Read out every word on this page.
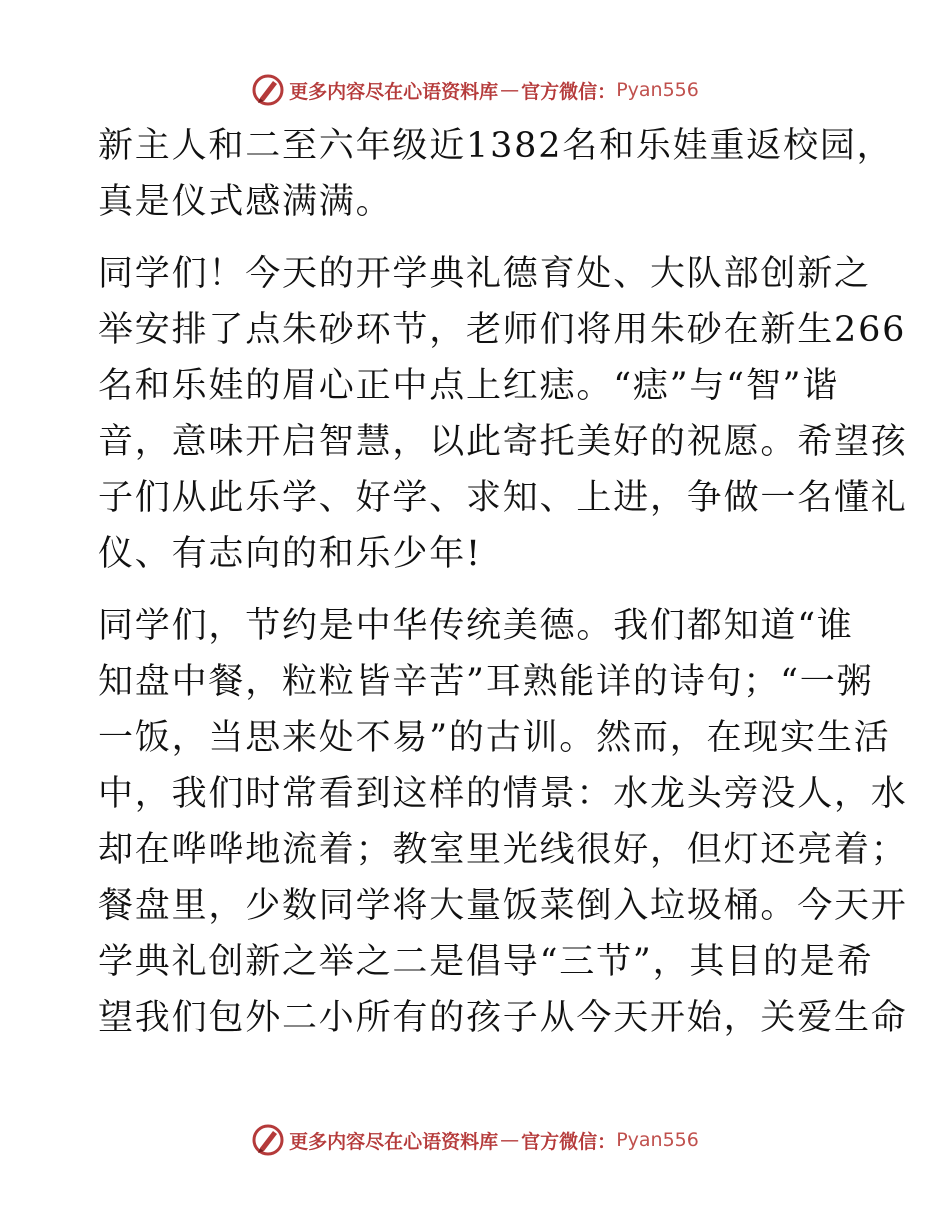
更多内容尽在心语资料库 — 官方微信： Pyan556
新主人和二至六年级近1382名和乐娃重返校园，
真是仪式感满满。
同学们！今天的开学典礼德育处、大队部创新之
举安排了点朱砂环节，老师们将用朱砂在新生266
名和乐娃的眉心正中点上红痣。“痣”与“智”谐
音，意味开启智慧，以此寄托美好的祝愿。希望孩
子们从此乐学、好学、求知、上进，争做一名懂礼
仪、有志向的和乐少年!
同学们，节约是中华传统美德。我们都知道“谁
知盘中餐，粒粒皆辛苦”耳熟能详的诗句；“一粥
一饭，当思来处不易”的古训。然而，在现实生活
中，我们时常看到这样的情景：水龙头旁没人，水
却在哗哗地流着；教室里光线很好，但灯还亮着；
餐盘里，少数同学将大量饭菜倒入垃圾桶。今天开
学典礼创新之举之二是倡导“三节”，其目的是希
望我们包外二小所有的孩子从今天开始，关爱生命
更多内容尽在心语资料库 — 官方微信： Pyan556
